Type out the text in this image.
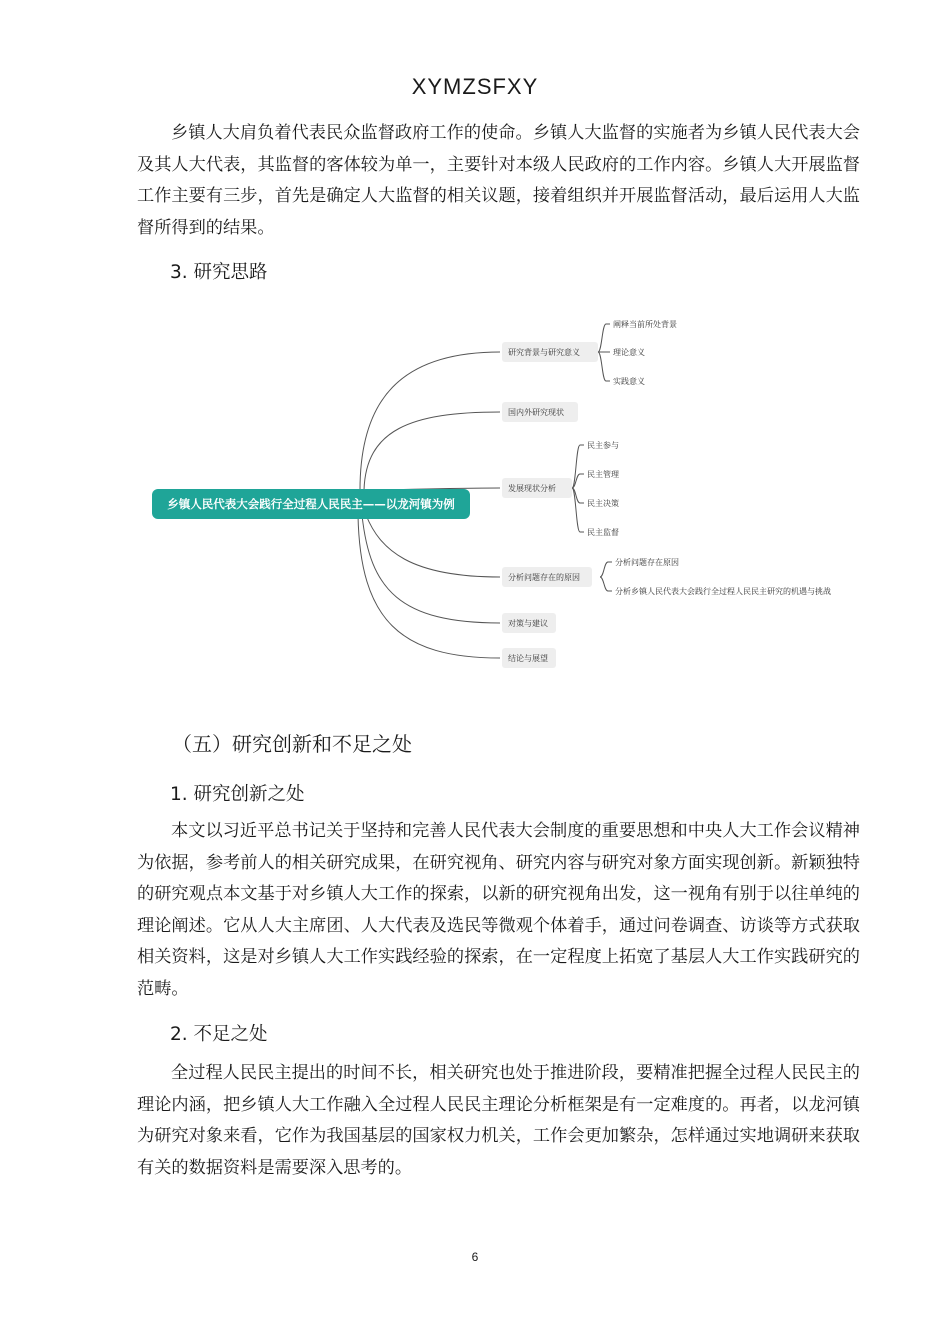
XYMZSFXY

乡镇人大肩负着代表民众监督政府工作的使命。乡镇人大监督的实施者为乡镇人民代表大会及其人大代表，其监督的客体较为单一，主要针对本级人民政府的工作内容。乡镇人大开展监督工作主要有三步，首先是确定人大监督的相关议题，接着组织并开展监督活动，最后运用人大监督所得到的结果。

3. 研究思路
乡镇人民代表大会践行全过程人民民主——以龙河镇为例
研究背景与研究意义
国内外研究现状
发展现状分析
分析问题存在的原因
对策与建议
结论与展望
阐释当前所处背景
理论意义
实践意义
民主参与
民主管理
民主决策
民主监督
分析问题存在原因
分析乡镇人民代表大会践行全过程人民民主研究的机遇与挑战
（五）研究创新和不足之处
1. 研究创新之处

本文以习近平总书记关于坚持和完善人民代表大会制度的重要思想和中央人大工作会议精神为依据，参考前人的相关研究成果，在研究视角、研究内容与研究对象方面实现创新。新颖独特的研究观点本文基于对乡镇人大工作的探索，以新的研究视角出发，这一视角有别于以往单纯的理论阐述。它从人大主席团、人大代表及选民等微观个体着手，通过问卷调查、访谈等方式获取相关资料，这是对乡镇人大工作实践经验的探索，在一定程度上拓宽了基层人大工作实践研究的范畴。

2. 不足之处

全过程人民民主提出的时间不长，相关研究也处于推进阶段，要精准把握全过程人民民主的理论内涵，把乡镇人大工作融入全过程人民民主理论分析框架是有一定难度的。再者，以龙河镇为研究对象来看，它作为我国基层的国家权力机关，工作会更加繁杂，怎样通过实地调研来获取有关的数据资料是需要深入思考的。

6
